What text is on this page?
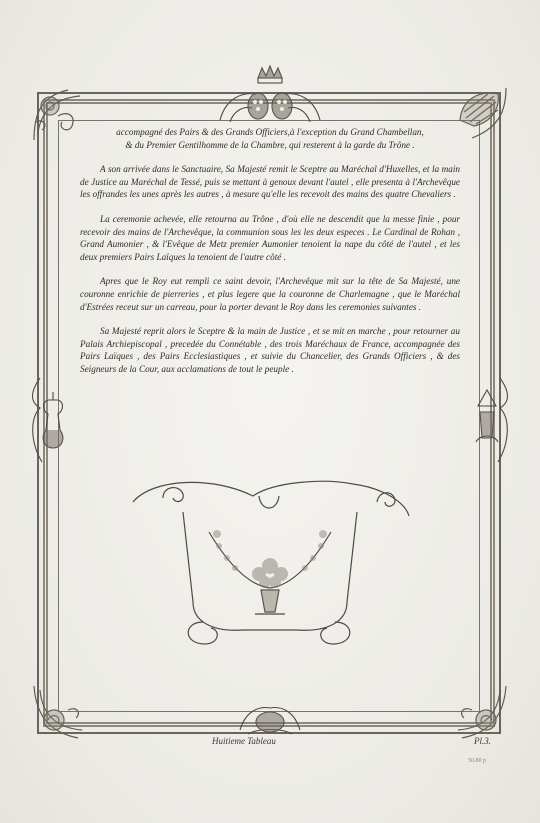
accompagné des Pairs & des Grands Officiers,à l'exception du Grand Chambellan,

& du Premier Gentilhomme de la Chambre, qui resterent à la garde du Trône .

A son arrivée dans le Sanctuaire, Sa Majesté remit le Sceptre au Maréchal d'Huxelles, et la main de Justice au Maréchal de Tessé, puis se mettant à genoux devant l'autel , elle presenta à l'Archevêque les offrandes les unes après les autres , à mesure qu'elle les recevoit des mains des quatre Chevaliers .

La ceremonie achevée, elle retourna au Trône , d'où elle ne descendit que la messe finie , pour recevoir des mains de l'Archevêque, la communion sous les les deux especes . Le Cardinal de Rohan , Grand Aumonier , & l'Evêque de Metz premier Aumonier tenoient la nape du côté de l'autel , et les deux premiers Pairs Laïques la tenoient de l'autre côté .

Apres que le Roy eut rempli ce saint devoir, l'Archevêque mit sur la tête de Sa Majesté, une couronne enrichie de pierreries , et plus legere que la couronne de Charlemagne , que le Maréchal d'Estrées receut sur un carreau, pour la porter devant le Roy dans les ceremonies suivantes .

Sa Majesté reprit alors le Sceptre & la main de Justice , et se mit en marche , pour retourner au Palais Archiepiscopal , precedée du Connétable , des trois Maréchaux de France, accompagnée des Pairs Laïques , des Pairs Ecclesiastiques , et suivie du Chancelier, des Grands Officiers , & des Seigneurs de la Cour, aux acclamations de tout le peuple .

Huitieme Tableau	Pl.3.
50.80 p
